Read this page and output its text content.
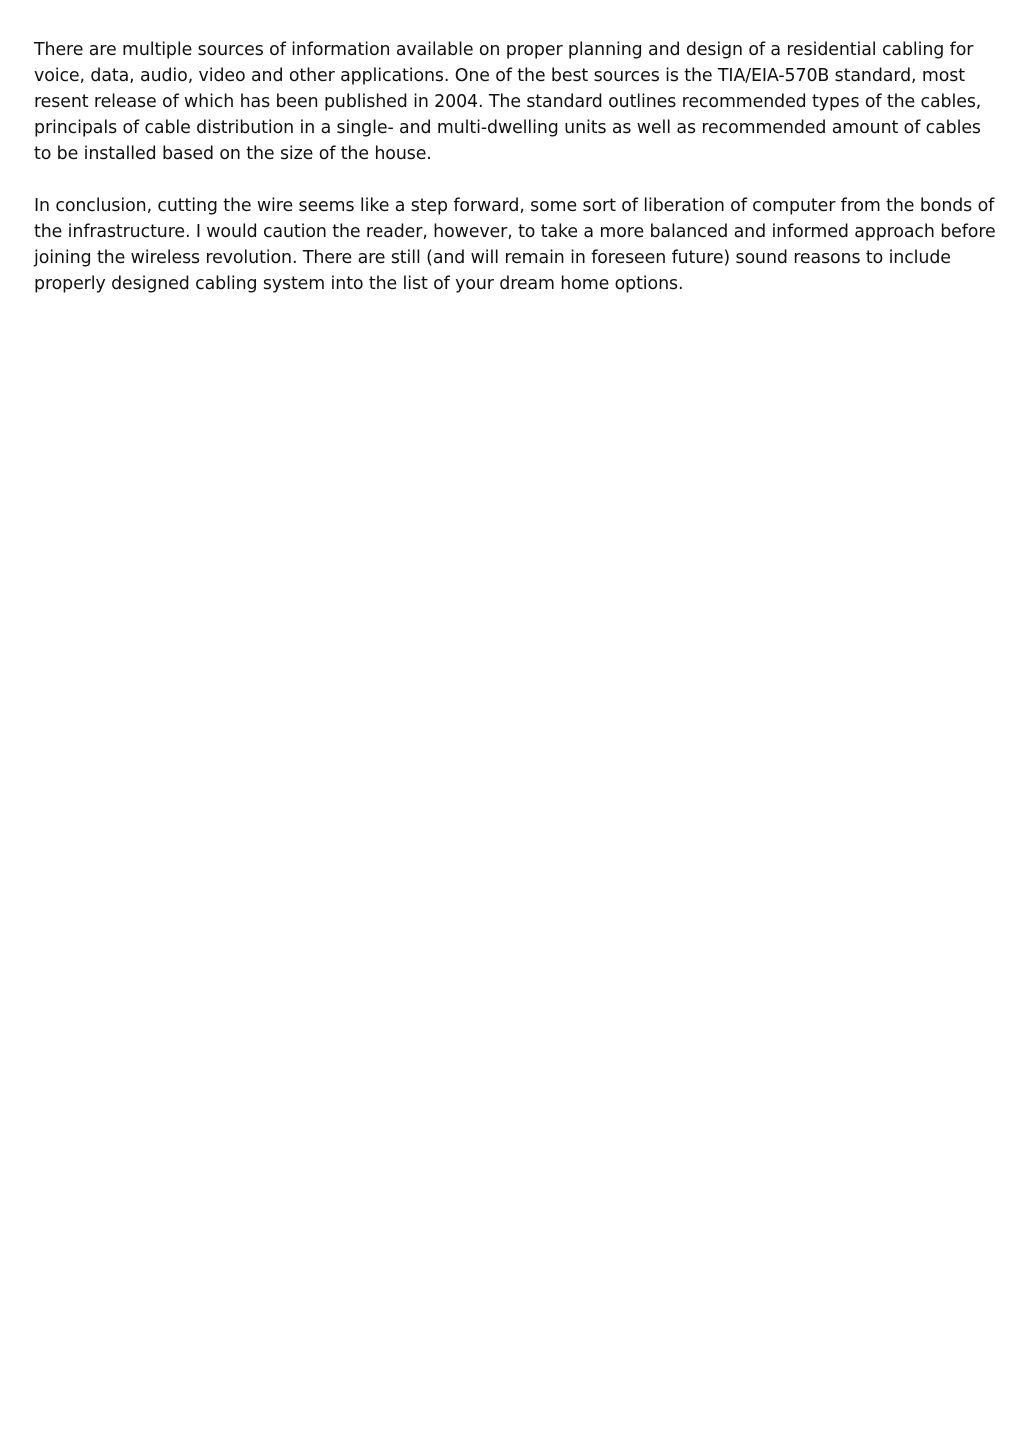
There are multiple sources of information available on proper planning and design of a residential cabling for voice, data, audio, video and other applications. One of the best sources is the TIA/EIA-570B standard, most resent release of which has been published in 2004. The standard outlines recommended types of the cables, principals of cable distribution in a single- and multi-dwelling units as well as recommended amount of cables to be installed based on the size of the house.

In conclusion, cutting the wire seems like a step forward, some sort of liberation of computer from the bonds of the infrastructure. I would caution the reader, however, to take a more balanced and informed approach before joining the wireless revolution. There are still (and will remain in foreseen future) sound reasons to include properly designed cabling system into the list of your dream home options.
